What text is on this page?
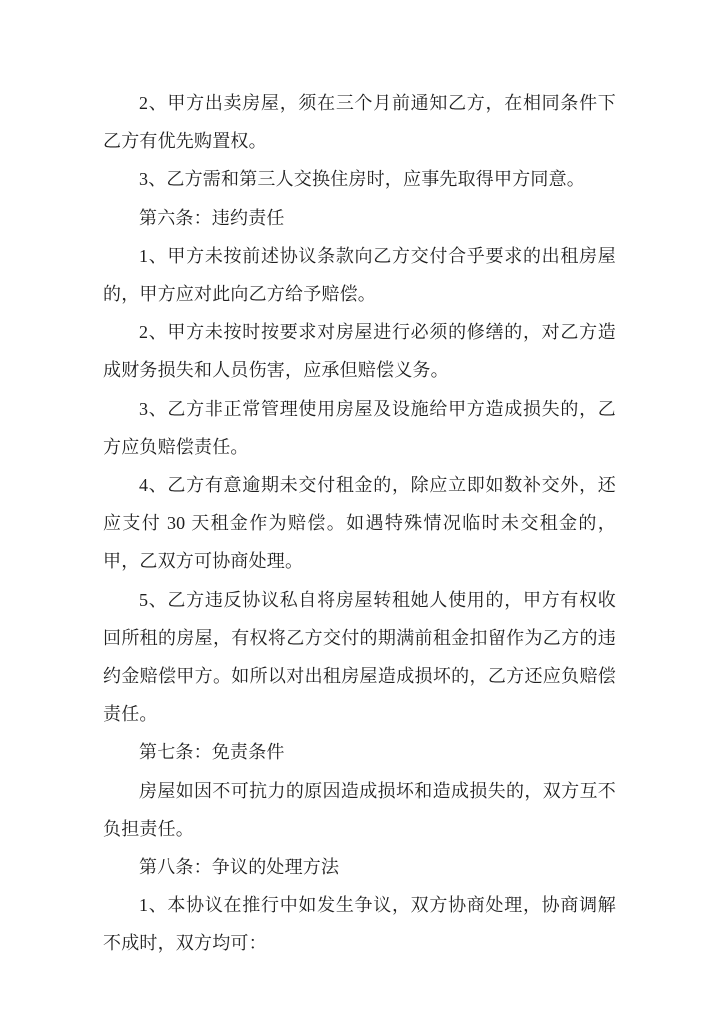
2、甲方出卖房屋，须在三个月前通知乙方，在相同条件下乙方有优先购置权。

3、乙方需和第三人交换住房时，应事先取得甲方同意。

第六条：违约责任

1、甲方未按前述协议条款向乙方交付合乎要求的出租房屋的，甲方应对此向乙方给予赔偿。

2、甲方未按时按要求对房屋进行必须的修缮的，对乙方造成财务损失和人员伤害，应承但赔偿义务。

3、乙方非正常管理使用房屋及设施给甲方造成损失的，乙方应负赔偿责任。

4、乙方有意逾期未交付租金的，除应立即如数补交外，还应支付 30 天租金作为赔偿。如遇特殊情况临时未交租金的，甲，乙双方可协商处理。

5、乙方违反协议私自将房屋转租她人使用的，甲方有权收回所租的房屋，有权将乙方交付的期满前租金扣留作为乙方的违约金赔偿甲方。如所以对出租房屋造成损坏的，乙方还应负赔偿责任。

第七条：免责条件

房屋如因不可抗力的原因造成损坏和造成损失的，双方互不负担责任。

第八条：争议的处理方法

1、本协议在推行中如发生争议，双方协商处理，协商调解不成时，双方均可：
